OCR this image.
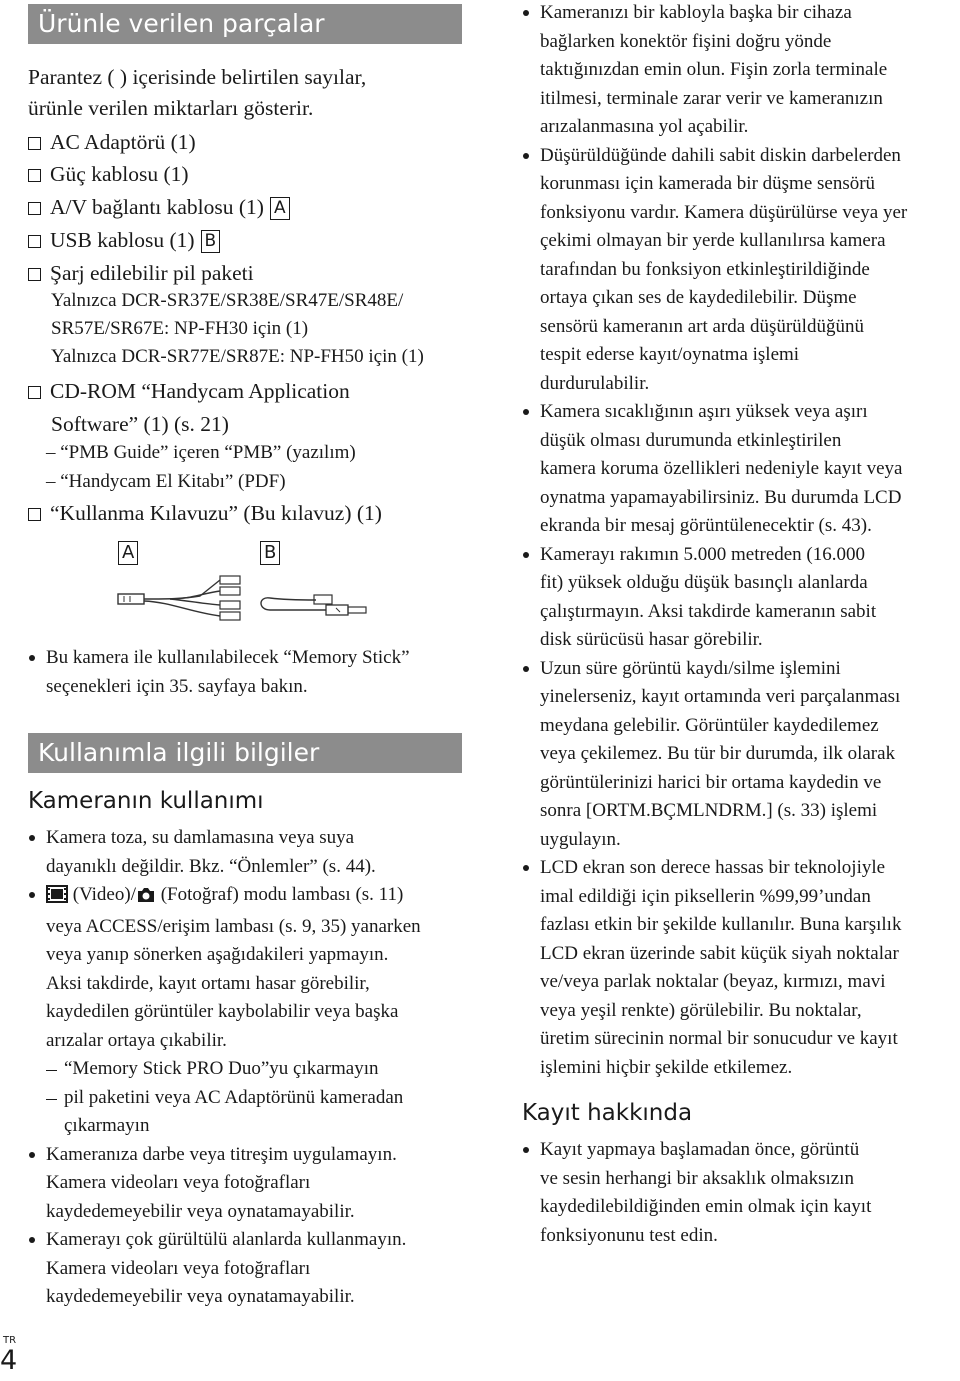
Ürünle verilen parçalar
Parantez ( ) içerisinde belirtilen sayılar,
ürünle verilen miktarları gösterir.
AC Adaptörü (1)
Güç kablosu (1)
A/V bağlantı kablosu (1) A
USB kablosu (1) B
Şarj edilebilir pil paketi
Yalnızca DCR-SR37E/SR38E/SR47E/SR48E/
SR57E/SR67E: NP-FH30 için (1)
Yalnızca DCR-SR77E/SR87E: NP-FH50 için (1)
CD-ROM “Handycam Application
Software” (1) (s. 21)
– “PMB Guide” içeren “PMB” (yazılım)
– “Handycam El Kitabı” (PDF)
“Kullanma Kılavuzu” (Bu kılavuz) (1)
A	B
Bu kamera ile kullanılabilecek “Memory Stick”
seçenekleri için 35. sayfaya bakın.
Kullanımla ilgili bilgiler
Kameranın kullanımı
Kamera toza, su damlamasına veya suya
dayanıklı değildir. Bkz. “Önlemler” (s. 44).
(Video)/ (Fotoğraf) modu lambası (s. 11)
veya ACCESS/erişim lambası (s. 9, 35) yanarken
veya yanıp sönerken aşağıdakileri yapmayın.
Aksi takdirde, kayıt ortamı hasar görebilir,
kaydedilen görüntüler kaybolabilir veya başka
arızalar ortaya çıkabilir.
“Memory Stick PRO Duo”yu çıkarmayın
pil paketini veya AC Adaptörünü kameradan
çıkarmayın
Kameranıza darbe veya titreşim uygulamayın.
Kamera videoları veya fotoğrafları
kaydedemeyebilir veya oynatamayabilir.
Kamerayı çok gürültülü alanlarda kullanmayın.
Kamera videoları veya fotoğrafları
kaydedemeyebilir veya oynatamayabilir.
Kameranızı bir kabloyla başka bir cihaza
bağlarken konektör fişini doğru yönde
taktığınızdan emin olun. Fişin zorla terminale
itilmesi, terminale zarar verir ve kameranızın
arızalanmasına yol açabilir.
Düşürüldüğünde dahili sabit diskin darbelerden
korunması için kamerada bir düşme sensörü
fonksiyonu vardır. Kamera düşürülürse veya yer
çekimi olmayan bir yerde kullanılırsa kamera
tarafından bu fonksiyon etkinleştirildiğinde
ortaya çıkan ses de kaydedilebilir. Düşme
sensörü kameranın art arda düşürüldüğünü
tespit ederse kayıt/oynatma işlemi
durdurulabilir.
Kamera sıcaklığının aşırı yüksek veya aşırı
düşük olması durumunda etkinleştirilen
kamera koruma özellikleri nedeniyle kayıt veya
oynatma yapamayabilirsiniz. Bu durumda LCD
ekranda bir mesaj görüntülenecektir (s. 43).
Kamerayı rakımın 5.000 metreden (16.000
fit) yüksek olduğu düşük basınçlı alanlarda
çalıştırmayın. Aksi takdirde kameranın sabit
disk sürücüsü hasar görebilir.
Uzun süre görüntü kaydı/silme işlemini
yinelerseniz, kayıt ortamında veri parçalanması
meydana gelebilir. Görüntüler kaydedilemez
veya çekilemez. Bu tür bir durumda, ilk olarak
görüntülerinizi harici bir ortama kaydedin ve
sonra [ORTM.BÇMLNDRM.] (s. 33) işlemi
uygulayın.
LCD ekran son derece hassas bir teknolojiyle
imal edildiği için piksellerin %99,99’undan
fazlası etkin bir şekilde kullanılır. Buna karşılık
LCD ekran üzerinde sabit küçük siyah noktalar
ve/veya parlak noktalar (beyaz, kırmızı, mavi
veya yeşil renkte) görülebilir. Bu noktalar,
üretim sürecinin normal bir sonucudur ve kayıt
işlemini hiçbir şekilde etkilemez.
Kayıt hakkında
Kayıt yapmaya başlamadan önce, görüntü
ve sesin herhangi bir aksaklık olmaksızın
kaydedilebildiğinden emin olmak için kayıt
fonksiyonunu test edin.
TR
4
